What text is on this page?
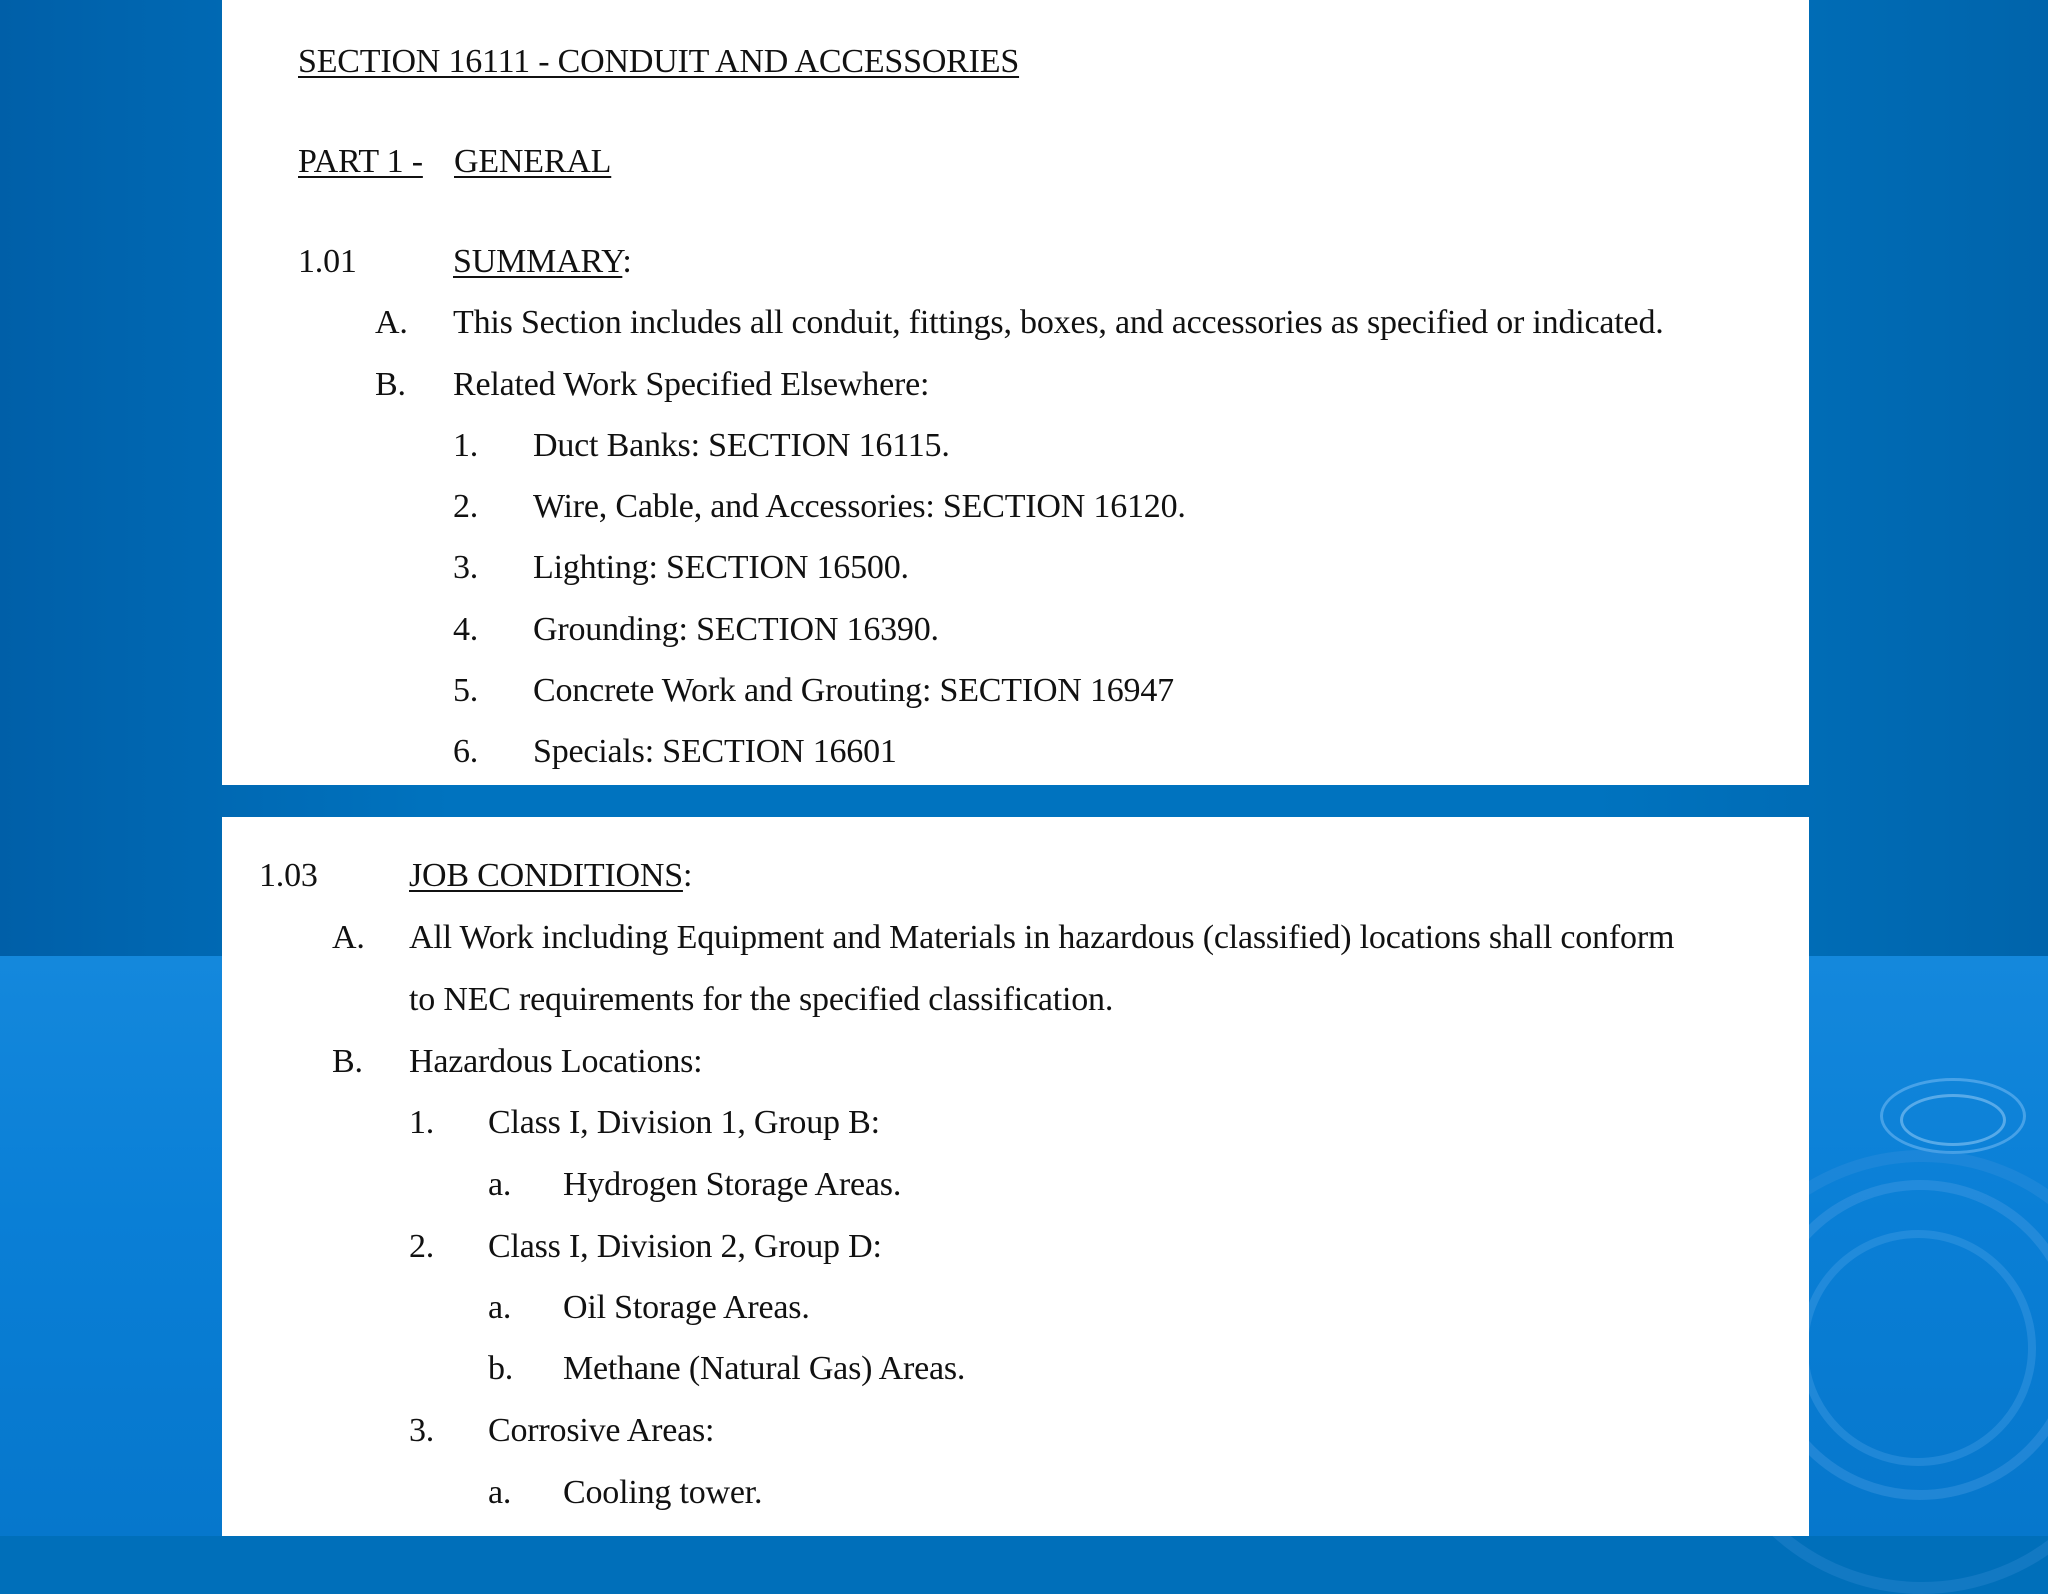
SECTION 16111 - CONDUIT AND ACCESSORIES
PART 1 - GENERAL
1.01	SUMMARY:
A. This Section includes all conduit, fittings, boxes, and accessories as specified or indicated.
B. Related Work Specified Elsewhere:
1. Duct Banks: SECTION 16115.
2. Wire, Cable, and Accessories: SECTION 16120.
3. Lighting: SECTION 16500.
4. Grounding: SECTION 16390.
5. Concrete Work and Grouting: SECTION 16947
6. Specials: SECTION 16601
1.03	JOB CONDITIONS:
A. All Work including Equipment and Materials in hazardous (classified) locations shall conform
to NEC requirements for the specified classification.
B. Hazardous Locations:
1. Class I, Division 1, Group B:
a. Hydrogen Storage Areas.
2. Class I, Division 2, Group D:
a. Oil Storage Areas.
b. Methane (Natural Gas) Areas.
3. Corrosive Areas:
a. Cooling tower.
